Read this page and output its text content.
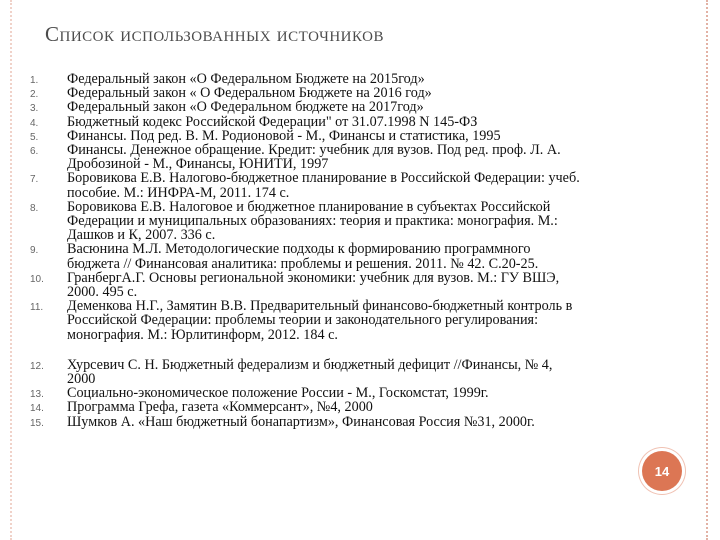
Список использованных источников
1. Федеральный закон «О Федеральном Бюджете на 2015год»
2. Федеральный закон « О Федеральном Бюджете на 2016 год»
3. Федеральный закон «О Федеральном бюджете на 2017год»
4. Бюджетный кодекс Российской Федерации" от 31.07.1998 N 145-ФЗ
5. Финансы. Под ред. В. М. Родионовой - М., Финансы и статистика, 1995
6. Финансы. Денежное обращение. Кредит: учебник для вузов. Под ред. проф. Л. А.
Дробозиной - М., Финансы, ЮНИТИ, 1997
7. Боровикова Е.В. Налогово-бюджетное планирование в Российской Федерации: учеб.
пособие. М.: ИНФРА-М, 2011. 174 с.
8. Боровикова Е.В. Налоговое и бюджетное планирование в субъектах Российской
Федерации и муниципальных образованиях: теория и практика: монография. М.:
Дашков и К, 2007. 336 с.
9. Васюнина М.Л. Методологические подходы к формированию программного
бюджета // Финансовая аналитика: проблемы и решения. 2011. № 42. С.20-25.
10. ГранбергА.Г. Основы региональной экономики: учебник для вузов. М.: ГУ ВШЭ,
2000. 495 с.
11. Деменкова Н.Г., Замятин В.В. Предварительный финансово-бюджетный контроль в
Российской Федерации: проблемы теории и законодательного регулирования:
монография. М.: Юрлитинформ, 2012. 184 с.
12. Хурсевич С. Н. Бюджетный федерализм и бюджетный дефицит //Финансы, № 4,
2000
13. Социально-экономическое положение России - М., Госкомстат, 1999г.
14. Программа Грефа, газета «Коммерсант», №4, 2000
15. Шумков А. «Наш бюджетный бонапартизм», Финансовая Россия №31, 2000г.
14
